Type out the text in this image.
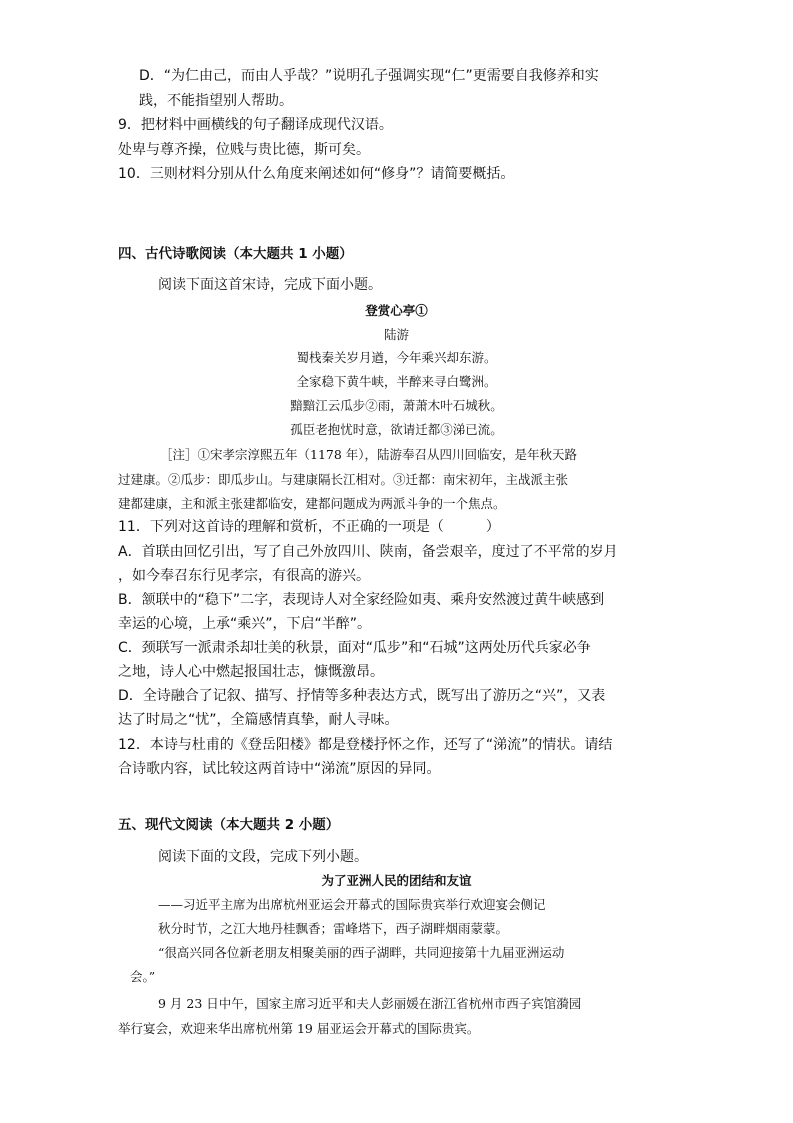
D．“为仁由己，而由人乎哉？”说明孔子强调实现“仁”更需要自我修养和实
践，不能指望别人帮助。
9．把材料中画横线的句子翻译成现代汉语。
处卑与尊齐操，位贱与贵比德，斯可矣。
10．三则材料分别从什么角度来阐述如何“修身”？请简要概括。
四、古代诗歌阅读（本大题共 1 小题）
阅读下面这首宋诗，完成下面小题。
登赏心亭①
陆游
蜀栈秦关岁月遒，今年乘兴却东游。
全家稳下黄牛峡，半醉来寻白鹭洲。
黯黯江云瓜步②雨，萧萧木叶石城秋。
孤臣老抱忧时意，欲请迁都③涕已流。
［注］①宋孝宗淳熙五年（1178 年），陆游奉召从四川回临安，是年秋天路
过建康。②瓜步：即瓜步山。与建康隔长江相对。③迁都：南宋初年，主战派主张
建都建康，主和派主张建都临安，建都问题成为两派斗争的一个焦点。
11．下列对这首诗的理解和赏析，不正确的一项是（　　　）
A．首联由回忆引出，写了自己外放四川、陕南，备尝艰辛，度过了不平常的岁月
，如今奉召东行见孝宗，有很高的游兴。
B．颔联中的“稳下”二字，表现诗人对全家经险如夷、乘舟安然渡过黄牛峡感到
幸运的心境，上承“乘兴”，下启“半醉”。
C．颈联写一派肃杀却壮美的秋景，面对“瓜步”和“石城”这两处历代兵家必争
之地，诗人心中燃起报国壮志，慷慨激昂。
D．全诗融合了记叙、描写、抒情等多种表达方式，既写出了游历之“兴”，又表
达了时局之“忧”，全篇感情真挚，耐人寻味。
12．本诗与杜甫的《登岳阳楼》都是登楼抒怀之作，还写了“涕流”的情状。请结
合诗歌内容，试比较这两首诗中“涕流”原因的异同。
五、现代文阅读（本大题共 2 小题）
阅读下面的文段，完成下列小题。
为了亚洲人民的团结和友谊
——习近平主席为出席杭州亚运会开幕式的国际贵宾举行欢迎宴会侧记
秋分时节，之江大地丹桂飘香；雷峰塔下，西子湖畔烟雨蒙蒙。
“很高兴同各位新老朋友相聚美丽的西子湖畔，共同迎接第十九届亚洲运动
会。”
9 月 23 日中午，国家主席习近平和夫人彭丽媛在浙江省杭州市西子宾馆漪园
举行宴会，欢迎来华出席杭州第 19 届亚运会开幕式的国际贵宾。
